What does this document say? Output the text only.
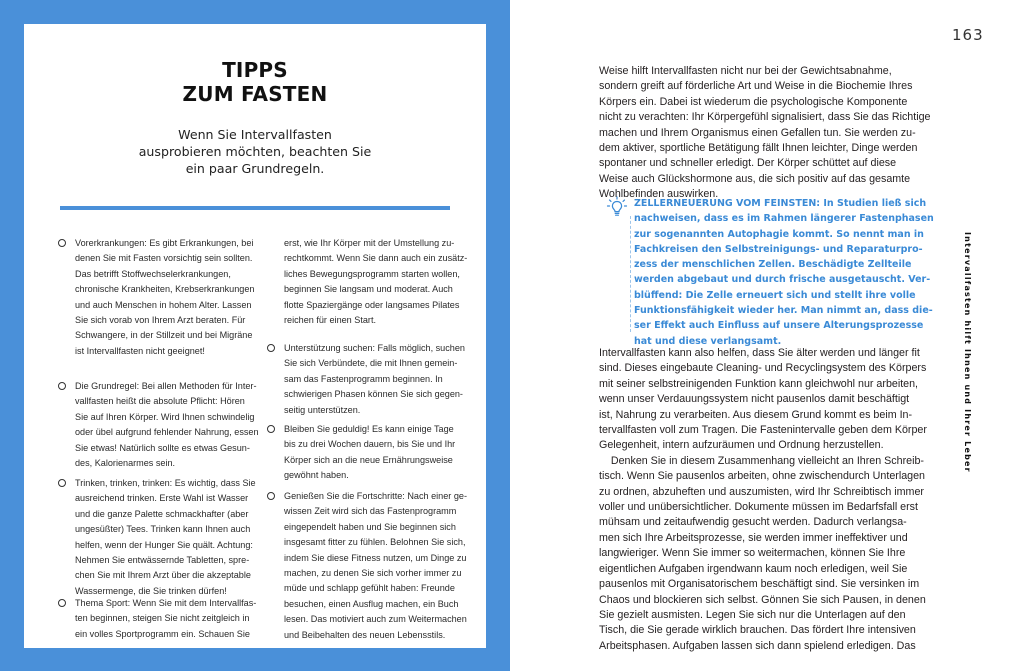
TIPPS
ZUM FASTEN
Wenn Sie Intervallfasten
ausprobieren möchten, beachten Sie
ein paar Grundregeln.
Vorerkrankungen: Es gibt Erkrankungen, bei
denen Sie mit Fasten vorsichtig sein sollten.
Das betrifft Stoffwechselerkrankungen,
chronische Krankheiten, Krebserkrankungen
und auch Menschen in hohem Alter. Lassen
Sie sich vorab von Ihrem Arzt beraten. Für
Schwangere, in der Stillzeit und bei Migräne
ist Intervallfasten nicht geeignet!
Die Grundregel: Bei allen Methoden für Inter-
vallfasten heißt die absolute Pflicht: Hören
Sie auf Ihren Körper. Wird Ihnen schwindelig
oder übel aufgrund fehlender Nahrung, essen
Sie etwas! Natürlich sollte es etwas Gesun-
des, Kalorienarmes sein.
Trinken, trinken, trinken: Es wichtig, dass Sie
ausreichend trinken. Erste Wahl ist Wasser
und die ganze Palette schmackhafter (aber
ungesüßter) Tees. Trinken kann Ihnen auch
helfen, wenn der Hunger Sie quält. Achtung:
Nehmen Sie entwässernde Tabletten, spre-
chen Sie mit Ihrem Arzt über die akzeptable
Wassermenge, die Sie trinken dürfen!
Thema Sport: Wenn Sie mit dem Intervallfas-
ten beginnen, steigen Sie nicht zeitgleich in
ein volles Sportprogramm ein. Schauen Sie
erst, wie Ihr Körper mit der Umstellung zu-
rechtkommt. Wenn Sie dann auch ein zusätz-
liches Bewegungsprogramm starten wollen,
beginnen Sie langsam und moderat. Auch
flotte Spaziergänge oder langsames Pilates
reichen für einen Start.
Unterstützung suchen: Falls möglich, suchen
Sie sich Verbündete, die mit Ihnen gemein-
sam das Fastenprogramm beginnen. In
schwierigen Phasen können Sie sich gegen-
seitig unterstützen.
Bleiben Sie geduldig! Es kann einige Tage
bis zu drei Wochen dauern, bis Sie und Ihr
Körper sich an die neue Ernährungsweise
gewöhnt haben.
Genießen Sie die Fortschritte: Nach einer ge-
wissen Zeit wird sich das Fastenprogramm
eingependelt haben und Sie beginnen sich
insgesamt fitter zu fühlen. Belohnen Sie sich,
indem Sie diese Fitness nutzen, um Dinge zu
machen, zu denen Sie sich vorher immer zu
müde und schlapp gefühlt haben: Freunde
besuchen, einen Ausflug machen, ein Buch
lesen. Das motiviert auch zum Weitermachen
und Beibehalten des neuen Lebensstils.
163
Intervallfasten hilft Ihnen und Ihrer Leber
Weise hilft Intervallfasten nicht nur bei der Gewichtsabnahme,
sondern greift auf förderliche Art und Weise in die Biochemie Ihres
Körpers ein. Dabei ist wiederum die psychologische Komponente
nicht zu verachten: Ihr Körpergefühl signalisiert, dass Sie das Richtige
machen und Ihrem Organismus einen Gefallen tun. Sie werden zu-
dem aktiver, sportliche Betätigung fällt Ihnen leichter, Dinge werden
spontaner und schneller erledigt. Der Körper schüttet auf diese
Weise auch Glückshormone aus, die sich positiv auf das gesamte
Wohlbefinden auswirken.
ZELLERNEUERUNG VOM FEINSTEN: In Studien ließ sich
nachweisen, dass es im Rahmen längerer Fastenphasen
zur sogenannten Autophagie kommt. So nennt man in
Fachkreisen den Selbstreinigungs- und Reparaturpro-
zess der menschlichen Zellen. Beschädigte Zellteile
werden abgebaut und durch frische ausgetauscht. Ver-
blüffend: Die Zelle erneuert sich und stellt ihre volle
Funktionsfähigkeit wieder her. Man nimmt an, dass die-
ser Effekt auch Einfluss auf unsere Alterungsprozesse
hat und diese verlangsamt.
Intervallfasten kann also helfen, dass Sie älter werden und länger fit
sind. Dieses eingebaute Cleaning- und Recyclingsystem des Körpers
mit seiner selbstreinigenden Funktion kann gleichwohl nur arbeiten,
wenn unser Verdauungssystem nicht pausenlos damit beschäftigt
ist, Nahrung zu verarbeiten. Aus diesem Grund kommt es beim In-
tervallfasten voll zum Tragen. Die Fastenintervalle geben dem Körper
Gelegenheit, intern aufzuräumen und Ordnung herzustellen.
Denken Sie in diesem Zusammenhang vielleicht an Ihren Schreib-
tisch. Wenn Sie pausenlos arbeiten, ohne zwischendurch Unterlagen
zu ordnen, abzuheften und auszumisten, wird Ihr Schreibtisch immer
voller und unübersichtlicher. Dokumente müssen im Bedarfsfall erst
mühsam und zeitaufwendig gesucht werden. Dadurch verlangsa-
men sich Ihre Arbeitsprozesse, sie werden immer ineffektiver und
langwieriger. Wenn Sie immer so weitermachen, können Sie Ihre
eigentlichen Aufgaben irgendwann kaum noch erledigen, weil Sie
pausenlos mit Organisatorischem beschäftigt sind. Sie versinken im
Chaos und blockieren sich selbst. Gönnen Sie sich Pausen, in denen
Sie gezielt ausmisten. Legen Sie sich nur die Unterlagen auf den
Tisch, die Sie gerade wirklich brauchen. Das fördert Ihre intensiven
Arbeitsphasen. Aufgaben lassen sich dann spielend erledigen. Das
